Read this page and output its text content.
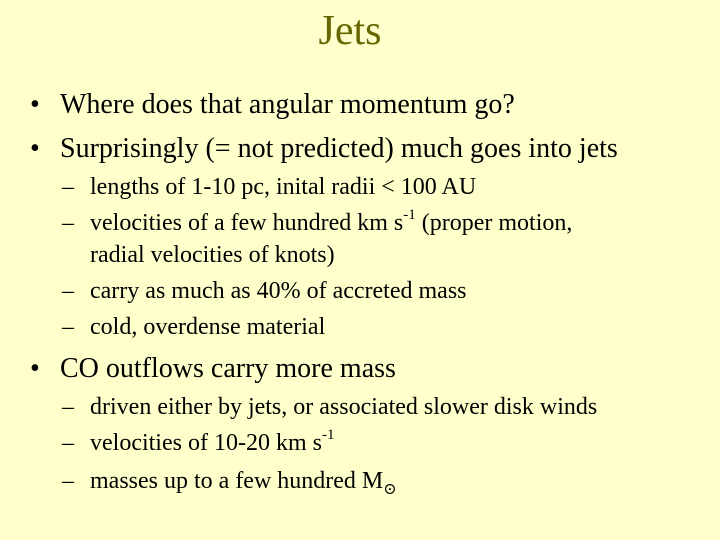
Jets
• Where does that angular momentum go?
• Surprisingly (= not predicted) much goes into jets
– lengths of 1-10 pc, inital radii < 100 AU
– velocities of a few hundred km $s^{-1}$ (proper motion,
radial velocities of knots)
– carry as much as 40% of accreted mass
– cold, overdense material
• CO outflows carry more mass
– driven either by jets, or associated slower disk winds
– velocities of 10-20 km $s^{-1}$
– masses up to a few hundred $M_⊙$
